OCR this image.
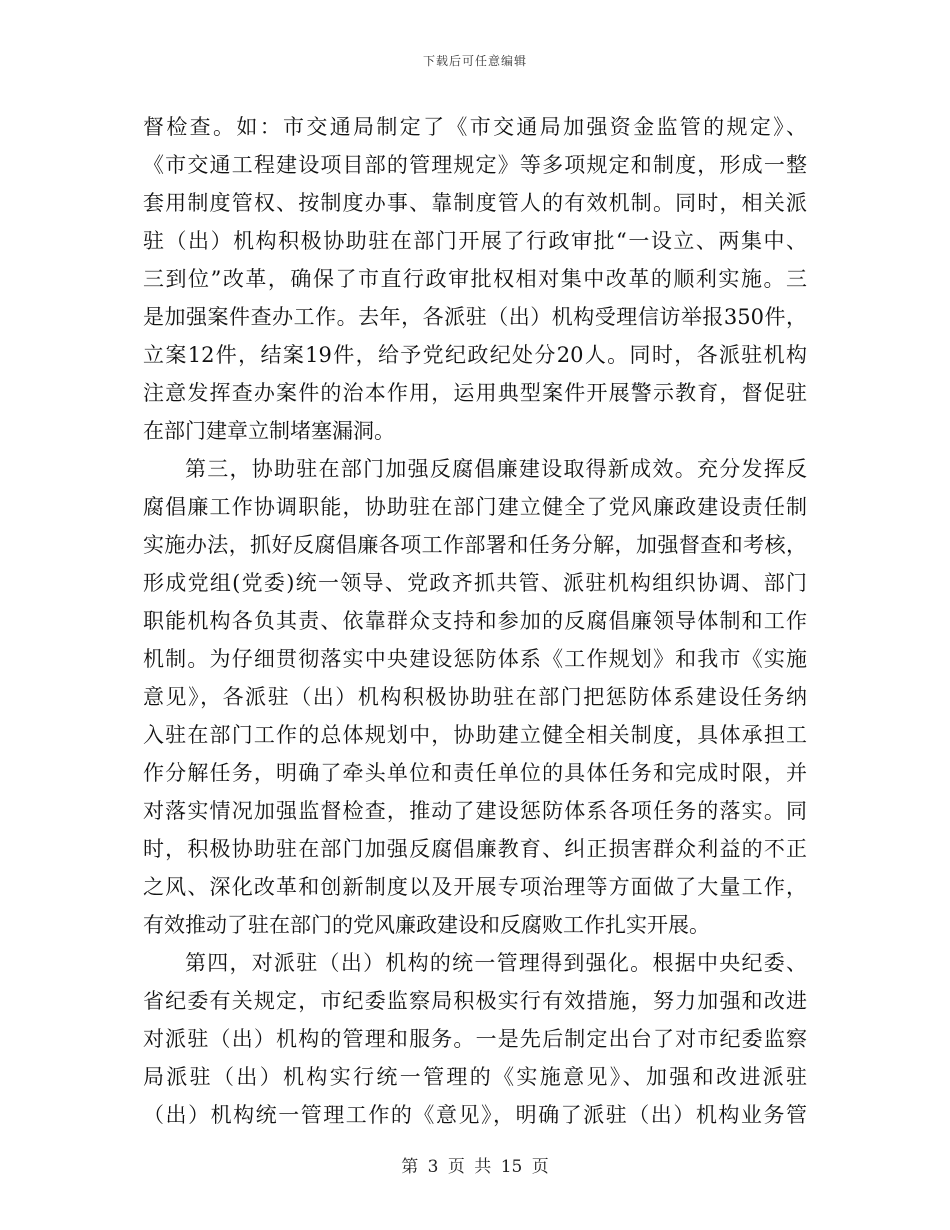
下载后可任意编辑
督检查。如：市交通局制定了《市交通局加强资金监管的规定》、
《市交通工程建设项目部的管理规定》等多项规定和制度，形成一整
套用制度管权、按制度办事、靠制度管人的有效机制。同时，相关派
驻（出）机构积极协助驻在部门开展了行政审批“一设立、两集中、
三到位”改革，确保了市直行政审批权相对集中改革的顺利实施。三
是加强案件查办工作。去年，各派驻（出）机构受理信访举报350件，
立案12件，结案19件，给予党纪政纪处分20人。同时，各派驻机构
注意发挥查办案件的治本作用，运用典型案件开展警示教育，督促驻
在部门建章立制堵塞漏洞。
第三，协助驻在部门加强反腐倡廉建设取得新成效。充分发挥反
腐倡廉工作协调职能，协助驻在部门建立健全了党风廉政建设责任制
实施办法，抓好反腐倡廉各项工作部署和任务分解，加强督查和考核，
形成党组(党委)统一领导、党政齐抓共管、派驻机构组织协调、部门
职能机构各负其责、依靠群众支持和参加的反腐倡廉领导体制和工作
机制。为仔细贯彻落实中央建设惩防体系《工作规划》和我市《实施
意见》，各派驻（出）机构积极协助驻在部门把惩防体系建设任务纳
入驻在部门工作的总体规划中，协助建立健全相关制度，具体承担工
作分解任务，明确了牵头单位和责任单位的具体任务和完成时限，并
对落实情况加强监督检查，推动了建设惩防体系各项任务的落实。同
时，积极协助驻在部门加强反腐倡廉教育、纠正损害群众利益的不正
之风、深化改革和创新制度以及开展专项治理等方面做了大量工作，
有效推动了驻在部门的党风廉政建设和反腐败工作扎实开展。
第四，对派驻（出）机构的统一管理得到强化。根据中央纪委、
省纪委有关规定，市纪委监察局积极实行有效措施，努力加强和改进
对派驻（出）机构的管理和服务。一是先后制定出台了对市纪委监察
局派驻（出）机构实行统一管理的《实施意见》、加强和改进派驻
（出）机构统一管理工作的《意见》，明确了派驻（出）机构业务管
第 3 页 共 15 页
